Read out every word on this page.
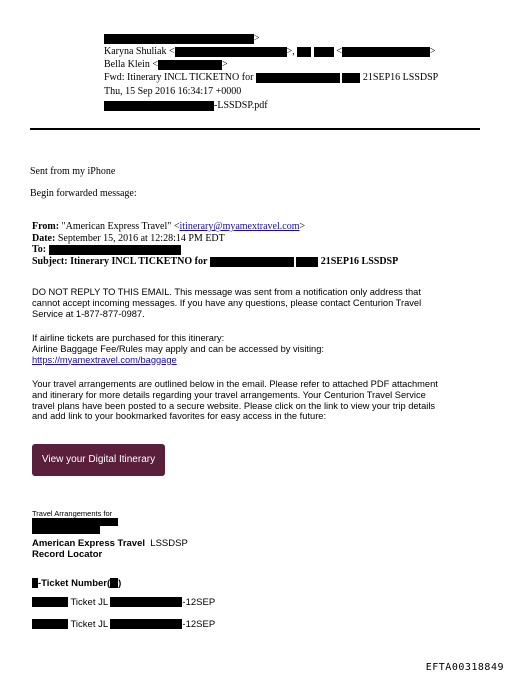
>
Karyna Shuliak <	>,	<	>
Bella Klein <	>
Fwd: Itinerary INCL TICKETNO for	21SEP16 LSSDSP
Thu, 15 Sep 2016 16:34:17 +0000
-LSSDSP.pdf
Sent from my iPhone
Begin forwarded message:
From: "American Express Travel" <itinerary@myamextravel.com>
Date: September 15, 2016 at 12:28:14 PM EDT
To:
Subject: Itinerary INCL TICKETNO for	21SEP16 LSSDSP
DO NOT REPLY TO THIS EMAIL. This message was sent from a notification only address that
cannot accept incoming messages. If you have any questions, please contact Centurion Travel
Service at 1-877-877-0987.
If airline tickets are purchased for this itinerary:
Airline Baggage Fee/Rules may apply and can be accessed by visiting:
https://myamextravel.com/baggage
Your travel arrangements are outlined below in the email. Please refer to attached PDF attachment
and itinerary for more details regarding your travel arrangements. Your Centurion Travel Service
travel plans have been posted to a secure website. Please click on the link to view your trip details
and add link to your bookmarked favorites for easy access in the future:
View your Digital Itinerary
Travel Arrangements for
American Express Travel LSSDSP
Record Locator
-Ticket Number( )
Ticket JL	-12SEP
Ticket JL	-12SEP
EFTA00318849
